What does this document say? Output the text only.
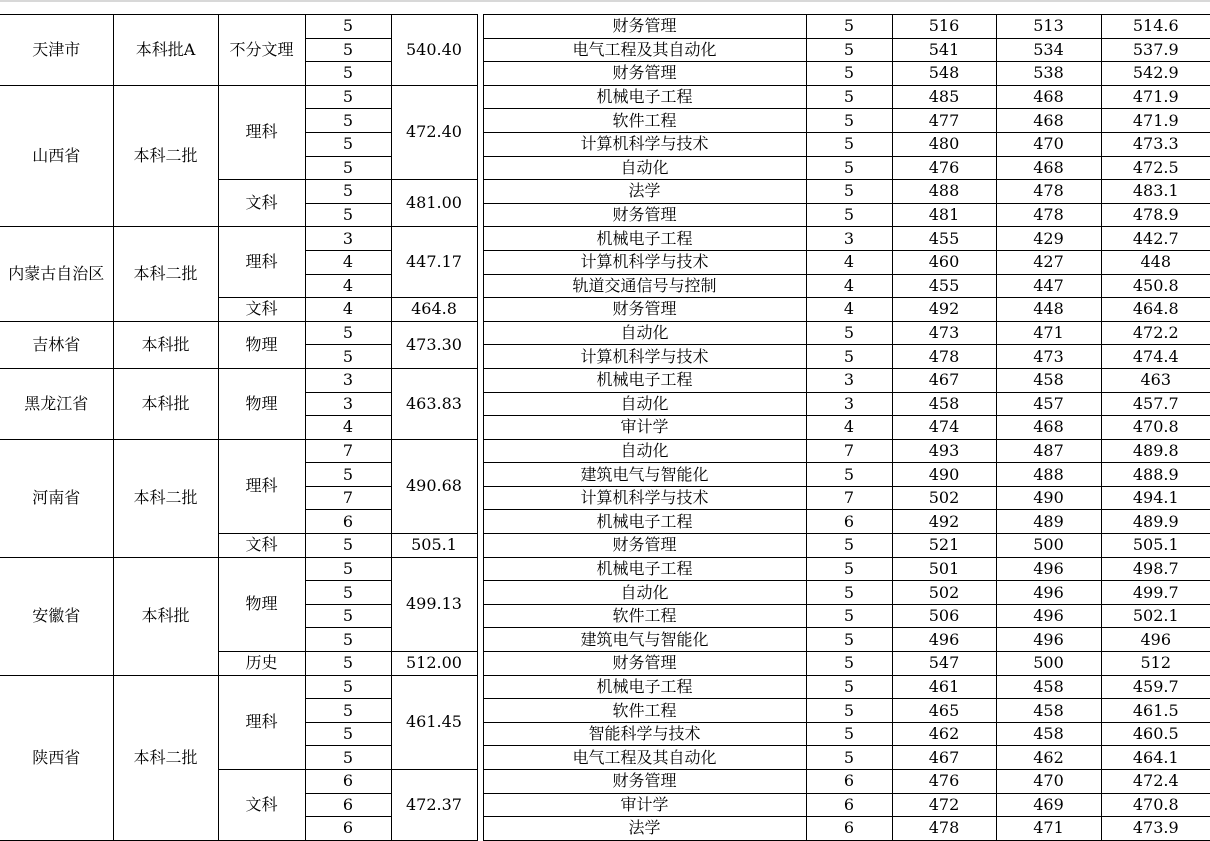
天津市	本科批A	不分文理	5	540.40		财务管理	5	516	513	514.6
			5			电气工程及其自动化	5	541	534	537.9
			5			财务管理	5	548	538	542.9
山西省	本科二批	理科	5	472.40		机械电子工程	5	485	468	471.9
			5			软件工程	5	477	468	471.9
			5			计算机科学与技术	5	480	470	473.3
			5			自动化	5	476	468	472.5
		文科	5	481.00		法学	5	488	478	483.1
			5			财务管理	5	481	478	478.9
内蒙古自治区	本科二批	理科	3	447.17		机械电子工程	3	455	429	442.7
			4			计算机科学与技术	4	460	427	448
			4			轨道交通信号与控制	4	455	447	450.8
		文科	4	464.8		财务管理	4	492	448	464.8
吉林省	本科批	物理	5	473.30		自动化	5	473	471	472.2
			5			计算机科学与技术	5	478	473	474.4
黑龙江省	本科批	物理	3	463.83		机械电子工程	3	467	458	463
			3			自动化	3	458	457	457.7
			4			审计学	4	474	468	470.8
河南省	本科二批	理科	7	490.68		自动化	7	493	487	489.8
			5			建筑电气与智能化	5	490	488	488.9
			7			计算机科学与技术	7	502	490	494.1
			6			机械电子工程	6	492	489	489.9
		文科	5	505.1		财务管理	5	521	500	505.1
安徽省	本科批	物理	5	499.13		机械电子工程	5	501	496	498.7
			5			自动化	5	502	496	499.7
			5			软件工程	5	506	496	502.1
			5			建筑电气与智能化	5	496	496	496
		历史	5	512.00		财务管理	5	547	500	512
陕西省	本科二批	理科	5	461.45		机械电子工程	5	461	458	459.7
			5			软件工程	5	465	458	461.5
			5			智能科学与技术	5	462	458	460.5
			5			电气工程及其自动化	5	467	462	464.1
		文科	6	472.37		财务管理	6	476	470	472.4
			6			审计学	6	472	469	470.8
			6			法学	6	478	471	473.9
